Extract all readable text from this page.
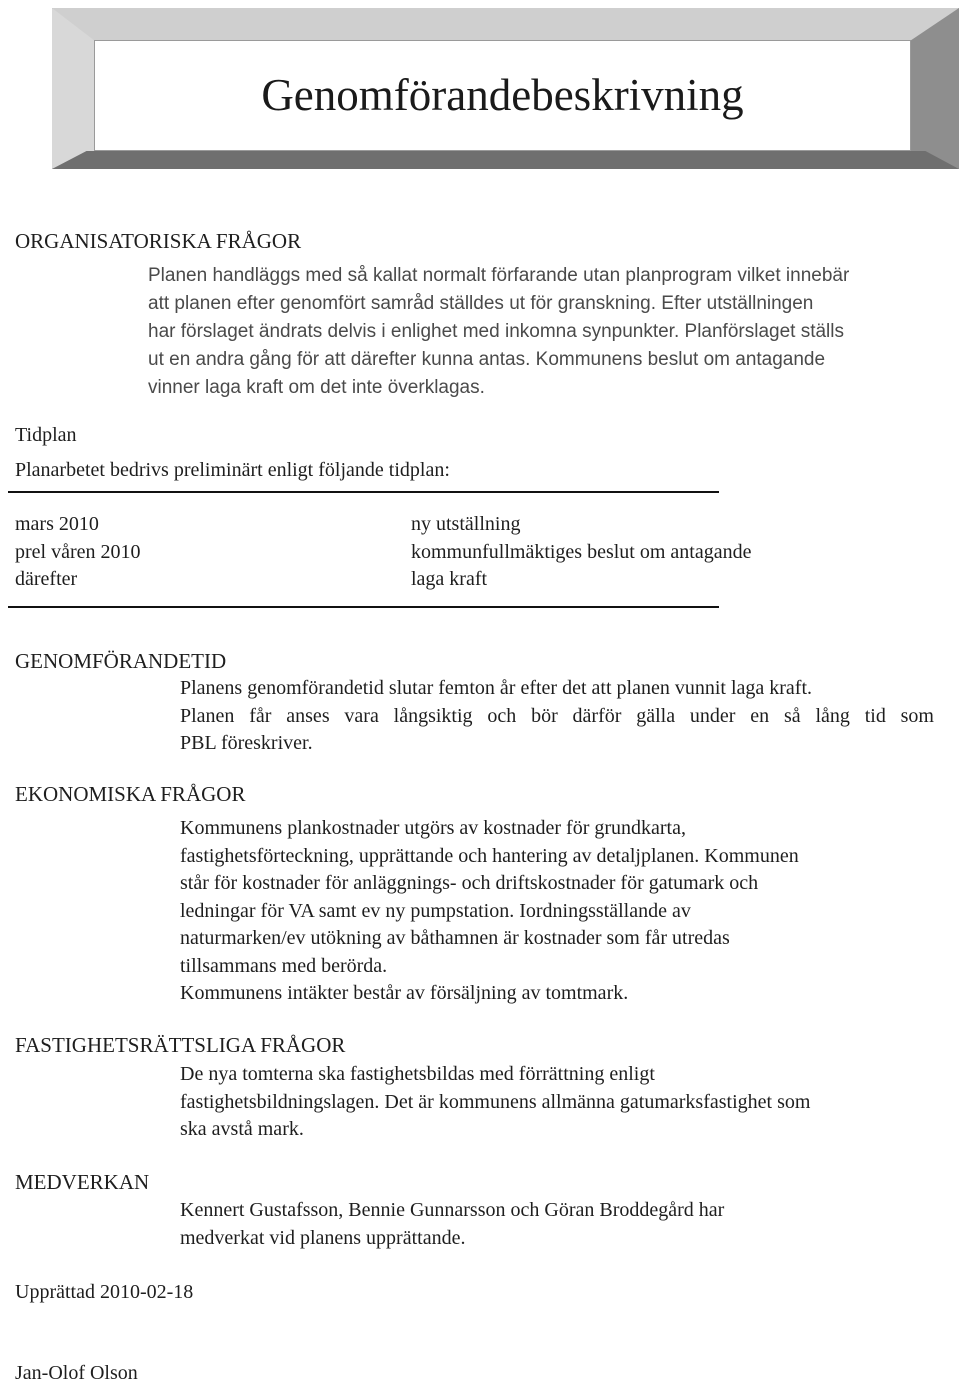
Genomförandebeskrivning
ORGANISATORISKA FRÅGOR
Planen handläggs med så kallat normalt förfarande utan planprogram vilket innebär
att planen efter genomfört samråd ställdes ut för granskning. Efter utställningen
har förslaget ändrats delvis i enlighet med inkomna synpunkter. Planförslaget ställs
ut en andra gång för att därefter kunna antas. Kommunens beslut om antagande
vinner laga kraft om det inte överklagas.
Tidplan
Planarbetet bedrivs preliminärt enligt följande tidplan:
mars 2010
prel våren 2010
därefter
ny utställning
kommunfullmäktiges beslut om antagande
laga kraft
GENOMFÖRANDETID
Planens genomförandetid slutar femton år efter det att planen vunnit laga kraft.
Planen får anses vara långsiktig och bör därför gälla under en så lång tid som
PBL föreskriver.
EKONOMISKA FRÅGOR
Kommunens plankostnader utgörs av kostnader för grundkarta,
fastighetsförteckning, upprättande och hantering av detaljplanen. Kommunen
står för kostnader för anläggnings- och driftskostnader för gatumark och
ledningar för VA samt ev ny pumpstation. Iordningsställande av
naturmarken/ev utökning av båthamnen är kostnader som får utredas
tillsammans med berörda.
Kommunens intäkter består av försäljning av tomtmark.
FASTIGHETSRÄTTSLIGA FRÅGOR
De nya tomterna ska fastighetsbildas med förrättning enligt
fastighetsbildningslagen. Det är kommunens allmänna gatumarksfastighet som
ska avstå mark.
MEDVERKAN
Kennert Gustafsson, Bennie Gunnarsson och Göran Broddegård har
medverkat vid planens upprättande.
Upprättad 2010-02-18
Jan-Olof Olson
